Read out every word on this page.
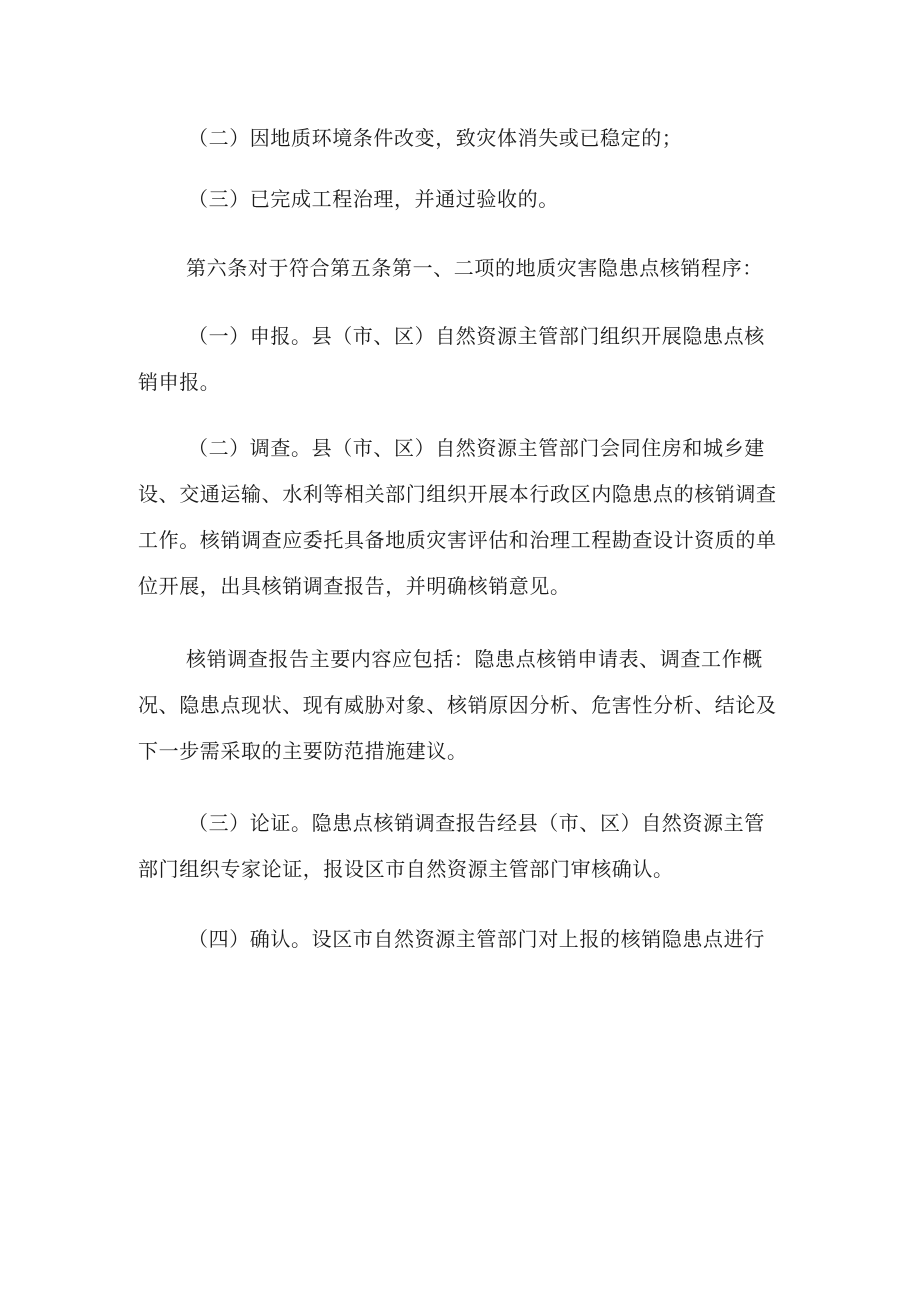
（二）因地质环境条件改变，致灾体消失或已稳定的；

（三）已完成工程治理，并通过验收的。

第六条对于符合第五条第一、二项的地质灾害隐患点核销程序：

（一）申报。县（市、区）自然资源主管部门组织开展隐患点核销申报。

（二）调查。县（市、区）自然资源主管部门会同住房和城乡建设、交通运输、水利等相关部门组织开展本行政区内隐患点的核销调查工作。核销调查应委托具备地质灾害评估和治理工程勘查设计资质的单位开展，出具核销调查报告，并明确核销意见。

核销调查报告主要内容应包括：隐患点核销申请表、调查工作概况、隐患点现状、现有威胁对象、核销原因分析、危害性分析、结论及下一步需采取的主要防范措施建议。

（三）论证。隐患点核销调查报告经县（市、区）自然资源主管部门组织专家论证，报设区市自然资源主管部门审核确认。

（四）确认。设区市自然资源主管部门对上报的核销隐患点进行
